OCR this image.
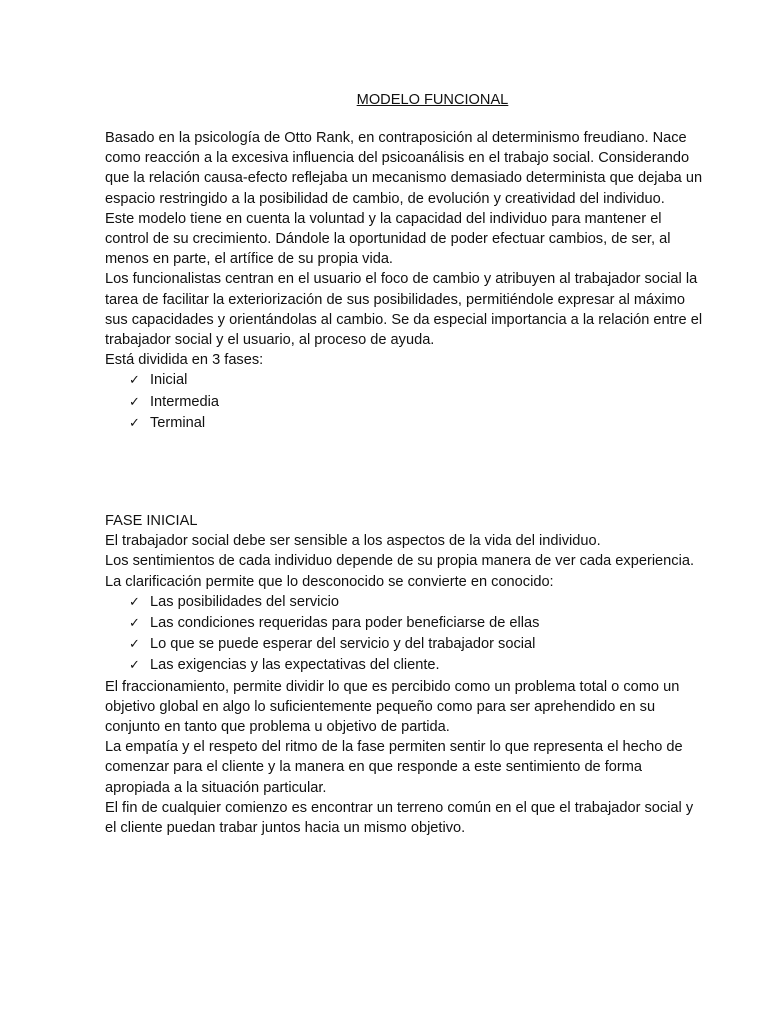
MODELO FUNCIONAL

Basado en la psicología de Otto Rank, en contraposición al determinismo freudiano. Nace como reacción a la excesiva influencia del psicoanálisis en el trabajo social. Considerando que la relación causa-efecto reflejaba un mecanismo demasiado determinista que dejaba un espacio restringido a la posibilidad de cambio, de evolución y creatividad del individuo.

Este modelo tiene en cuenta la voluntad y la capacidad del individuo para mantener el control de su crecimiento. Dándole la oportunidad de poder efectuar cambios, de ser, al menos en parte, el artífice de su propia vida.

Los funcionalistas centran en el usuario el foco de cambio y atribuyen al trabajador social la tarea de facilitar la exteriorización de sus posibilidades, permitiéndole expresar al máximo sus capacidades y orientándolas al cambio. Se da especial importancia a la relación entre el trabajador social y el usuario, al proceso de ayuda.

Está dividida en 3 fases:

✓ Inicial
✓ Intermedia
✓ Terminal

FASE INICIAL

El trabajador social debe ser sensible a los aspectos de la vida del individuo.

Los sentimientos de cada individuo depende de su propia manera de ver cada experiencia.

La clarificación permite que lo desconocido se convierte en conocido:

✓ Las posibilidades del servicio
✓ Las condiciones requeridas para poder beneficiarse de ellas
✓ Lo que se puede esperar del servicio y del trabajador social
✓ Las exigencias y las expectativas del cliente.

El fraccionamiento, permite dividir lo que es percibido como un problema total o como un objetivo global en algo lo suficientemente pequeño como para ser aprehendido en su conjunto en tanto que problema u objetivo de partida.

La empatía y el respeto del ritmo de la fase permiten sentir lo que representa el hecho de comenzar para el cliente y la manera en que responde a este sentimiento de forma apropiada a la situación particular.

El fin de cualquier comienzo es encontrar un terreno común en el que el trabajador social y el cliente puedan trabar juntos hacia un mismo objetivo.
